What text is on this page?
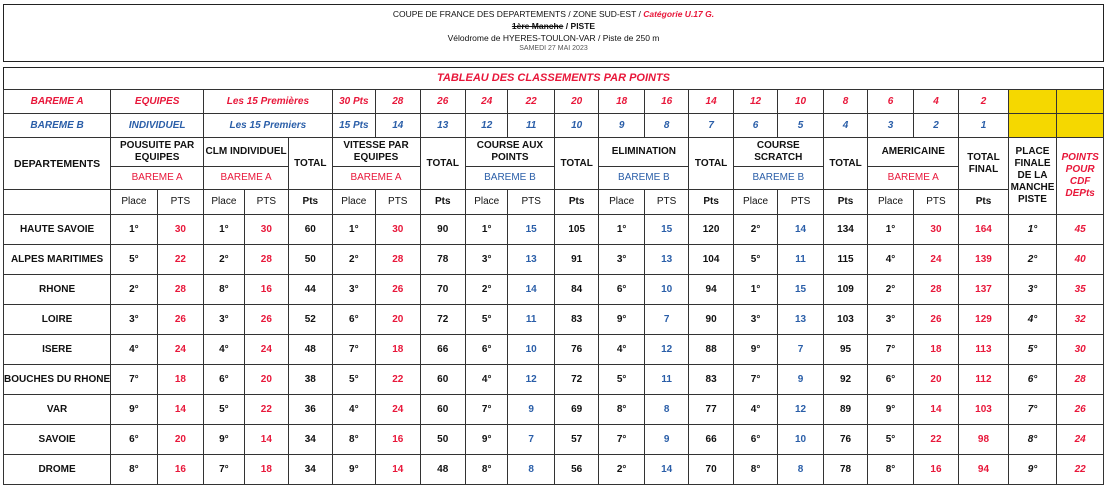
COUPE DE FRANCE DES DEPARTEMENTS / ZONE SUD-EST / Catégorie U.17 G.
1ère Manche / PISTE
Vélodrome de HYERES-TOULON-VAR / Piste de 250 m
SAMEDI 27 MAI 2023
TABLEAU DES CLASSEMENTS PAR POINTS
BAREME A	EQUIPES		Les 15 Premières			30 Pts	28	26	24	22	20	18	16	14	12	10	8	6	4	2		
BAREME B	INDIVIDUEL		Les 15 Premiers			15 Pts	14	13	12	11	10	9	8	7	6	5	4	3	2	1		
DEPARTEMENTS	POUSUITE PAR EQUIPES		CLM INDIVIDUEL		TOTAL	VITESSE PAR EQUIPES		TOTAL	COURSE AUX POINTS		TOTAL	ELIMINATION		TOTAL	COURSE SCRATCH		TOTAL	AMERICAINE		TOTAL FINAL	PLACE FINALE DE LA MANCHE PISTE	POINTS POUR CDF DEPts
	BAREME A		BAREME A			BAREME A			BAREME B			BAREME B			BAREME B			BAREME A				
	Place	PTS	Place	PTS	Pts	Place	PTS	Pts	Place	PTS	Pts	Place	PTS	Pts	Place	PTS	Pts	Place	PTS	Pts		
HAUTE SAVOIE	1°	30	1°	30	60	1°	30	90	1°	15	105	1°	15	120	2°	14	134	1°	30	164	1°	45
ALPES MARITIMES	5°	22	2°	28	50	2°	28	78	3°	13	91	3°	13	104	5°	11	115	4°	24	139	2°	40
RHONE	2°	28	8°	16	44	3°	26	70	2°	14	84	6°	10	94	1°	15	109	2°	28	137	3°	35
LOIRE	3°	26	3°	26	52	6°	20	72	5°	11	83	9°	7	90	3°	13	103	3°	26	129	4°	32
ISERE	4°	24	4°	24	48	7°	18	66	6°	10	76	4°	12	88	9°	7	95	7°	18	113	5°	30
BOUCHES DU RHONE	7°	18	6°	20	38	5°	22	60	4°	12	72	5°	11	83	7°	9	92	6°	20	112	6°	28
VAR	9°	14	5°	22	36	4°	24	60	7°	9	69	8°	8	77	4°	12	89	9°	14	103	7°	26
SAVOIE	6°	20	9°	14	34	8°	16	50	9°	7	57	7°	9	66	6°	10	76	5°	22	98	8°	24
DROME	8°	16	7°	18	34	9°	14	48	8°	8	56	2°	14	70	8°	8	78	8°	16	94	9°	22
